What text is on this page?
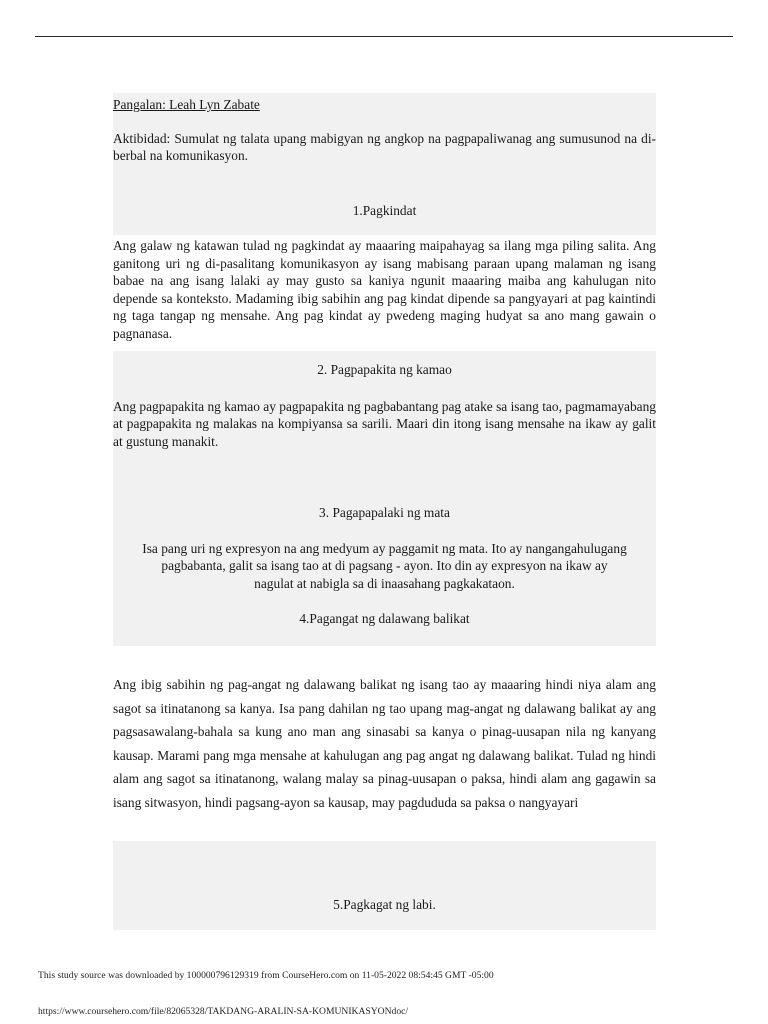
Pangalan: Leah Lyn Zabate

Aktibidad: Sumulat ng talata upang mabigyan ng angkop na pagpapaliwanag ang sumusunod na di-berbal na komunikasyon.

1.Pagkindat

Ang galaw ng katawan tulad ng pagkindat ay maaaring maipahayag sa ilang mga piling salita. Ang ganitong uri ng di-pasalitang komunikasyon ay isang mabisang paraan upang malaman ng isang babae na ang isang lalaki ay may gusto sa kaniya ngunit maaaring maiba ang kahulugan nito depende sa konteksto. Madaming ibig sabihin ang pag kindat dipende sa pangyayari at pag kaintindi ng taga tangap ng mensahe. Ang pag kindat ay pwedeng maging hudyat sa ano mang gawain o pagnanasa.

2. Pagpapakita ng kamao

Ang pagpapakita ng kamao ay pagpapakita ng pagbabantang pag atake sa isang tao, pagmamayabang at pagpapakita ng malakas na kompiyansa sa sarili. Maari din itong isang mensahe na ikaw ay galit at gustung manakit.

3. Pagapapalaki ng mata

Isa pang uri ng expresyon na ang medyum ay paggamit ng mata. Ito ay nangangahulugang pagbabanta, galit sa isang tao at di pagsang - ayon. Ito din ay expresyon na ikaw ay nagulat at nabigla sa di inaasahang pagkakataon.

4.Pagangat ng dalawang balikat

Ang ibig sabihin ng pag-angat ng dalawang balikat ng isang tao ay maaaring hindi niya alam ang sagot sa itinatanong sa kanya. Isa pang dahilan ng tao upang mag-angat ng dalawang balikat ay ang pagsasawalang-bahala sa kung ano man ang sinasabi sa kanya o pinag-uusapan nila ng kanyang kausap. Marami pang mga mensahe at kahulugan ang pag angat ng dalawang balikat. Tulad ng hindi alam ang sagot sa itinatanong, walang malay sa pinag-uusapan o paksa, hindi alam ang gagawin sa isang sitwasyon, hindi pagsang-ayon sa kausap, may pagdududa sa paksa o nangyayari

5.Pagkagat ng labi.

This study source was downloaded by 100000796129319 from CourseHero.com on 11-05-2022 08:54:45 GMT -05:00
https://www.coursehero.com/file/82065328/TAKDANG-ARALIN-SA-KOMUNIKASYONdoc/
